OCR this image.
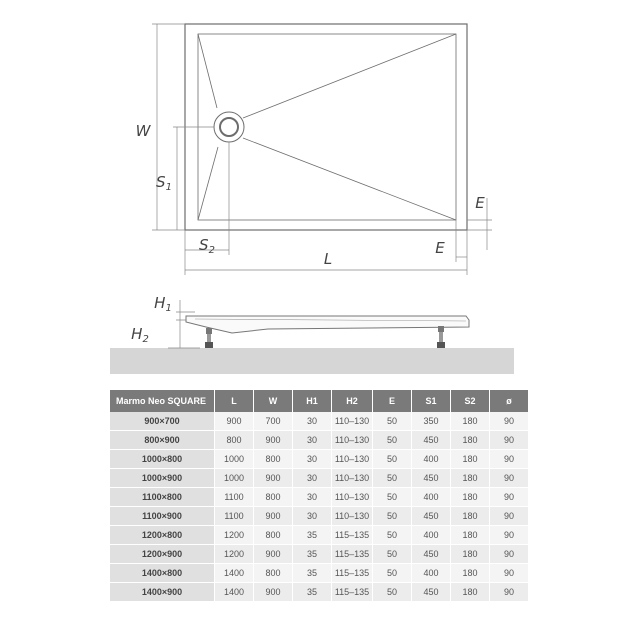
W
$S_1$
$S_2$	L
E
E
$H_1$
$H_2$
Marmo Neo SQUARE	L	W	H1	H2	E	S1	S2	ø
900×700	900	700	30	110–130	50	350	180	90
800×900	800	900	30	110–130	50	450	180	90
1000×800	1000	800	30	110–130	50	400	180	90
1000×900	1000	900	30	110–130	50	450	180	90
1100×800	1100	800	30	110–130	50	400	180	90
1100×900	1100	900	30	110–130	50	450	180	90
1200×800	1200	800	35	115–135	50	400	180	90
1200×900	1200	900	35	115–135	50	450	180	90
1400×800	1400	800	35	115–135	50	400	180	90
1400×900	1400	900	35	115–135	50	450	180	90
